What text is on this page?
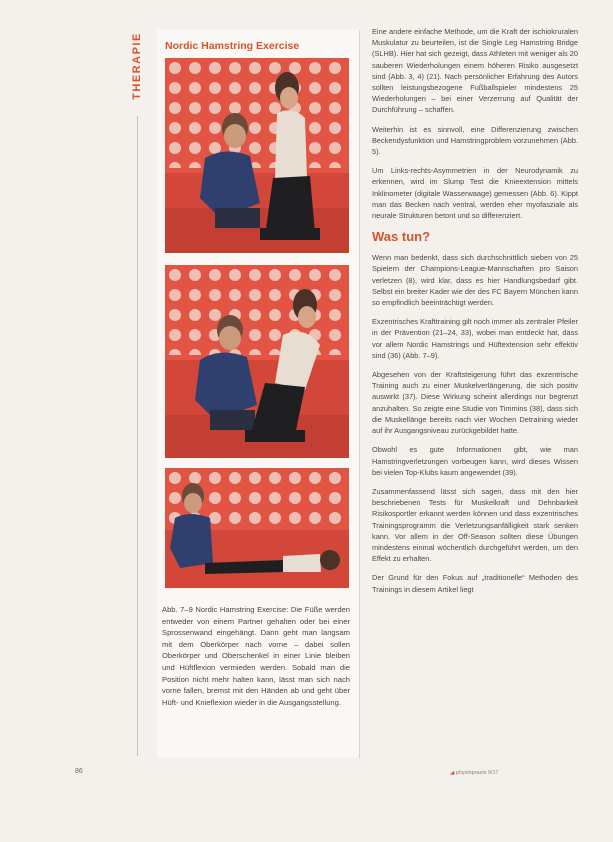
THERAPIE Nordic Hamstring Exercise

Abb. 7–9 Nordic Hamstring Exercise: Die Füße werden entweder von einem Partner gehalten oder bei einer Sprossenwand eingehängt. Dann geht man langsam mit dem Oberkörper nach vorne – dabei sollen Oberkörper und Oberschenkel in einer Linie bleiben und Hüftflexion vermieden werden. Sobald man die Position nicht mehr halten kann, lässt man sich nach vorne fallen, bremst mit den Händen ab und geht über Hüft- und Knieflexion wieder in die Ausgangsstellung.

Eine andere einfache Methode, um die Kraft der ischiokruralen Muskulatur zu beurteilen, ist die Single Leg Hamstring Bridge (SLHB). Hier hat sich gezeigt, dass Athleten mit weniger als 20 sauberen Wiederholungen einem höheren Risiko ausgesetzt sind (Abb. 3, 4) (21). Nach persönlicher Erfahrung des Autors sollten leistungsbezogene Fußballspieler mindestens 25 Wiederholungen – bei einer Verzerrung auf Qualität der Durchführung – schaffen.

Weiterhin ist es sinnvoll, eine Differenzierung zwischen Beckendysfunktion und Hamstringproblem vorzunehmen (Abb. 5).

Um Links-rechts-Asymmetrien in der Neurodynamik zu erkennen, wird im Slump Test die Knieextension mittels Inklinometer (digitale Wasserwaage) gemessen (Abb. 6). Kippt man das Becken nach ventral, werden eher myofasziale als neurale Strukturen betont und so differenziert.

Was tun?

Wenn man bedenkt, dass sich durchschnittlich sieben von 25 Spielern der Champions-League-Mannschaften pro Saison verletzen (8), wird klar, dass es hier Handlungsbedarf gibt. Selbst ein breiter Kader wie der des FC Bayern München kann so empfindlich beeinträchtigt werden.

Exzentrisches Krafttraining gilt noch immer als zentraler Pfeiler in der Prävention (21–24, 33), wobei man entdeckt hat, dass vor allem Nordic Hamstrings und Hüftextension sehr effektiv sind (36) (Abb. 7–9).

Abgesehen von der Kraftsteigerung führt das exzentrische Training auch zu einer Muskelverlängerung, die sich positiv auswirkt (37). Diese Wirkung scheint allerdings nur begrenzt anzuhalten. So zeigte eine Studie von Timmins (38), dass sich die Muskellänge bereits nach vier Wochen Detraining wieder auf ihr Ausgangsniveau zurückgebildet hatte.

Obwohl es gute Informationen gibt, wie man Hamstringverletzungen vorbeugen kann, wird dieses Wissen bei vielen Top-Klubs kaum angewendet (39).

Zusammenfassend lässt sich sagen, dass mit den hier beschriebenen Tests für Muskelkraft und Dehnbarkeit Risikosportler erkannt werden können und dass exzentrisches Trainingsprogramm die Verletzungsanfälligkeit stark senken kann. Vor allem in der Off-Season sollten diese Übungen mindestens einmal wöchentlich durchgeführt werden, um den Effekt zu erhalten.

Der Grund für den Fokus auf „traditionelle“ Methoden des Trainings in diesem Artikel liegt

86	◢ physiopraxis 9/17
